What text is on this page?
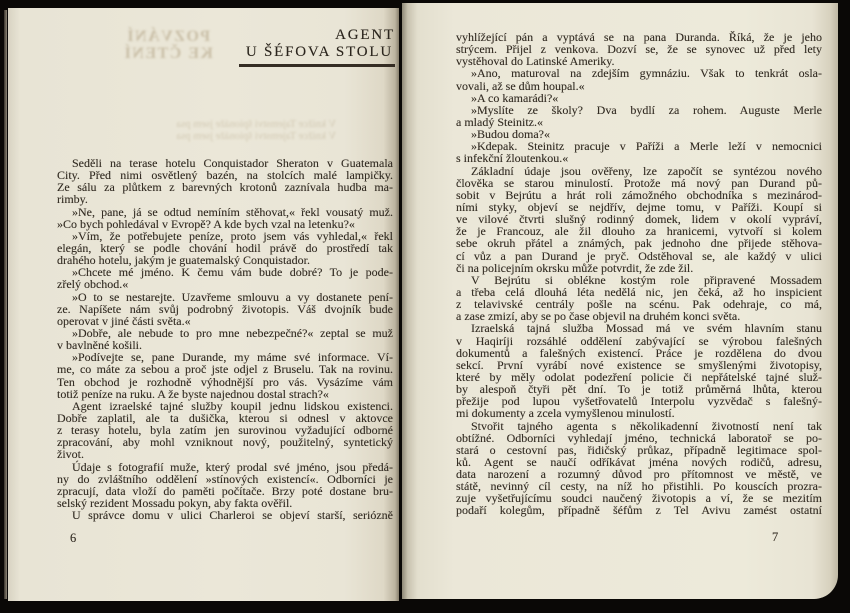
POZVÁNÍ
KE ČTENÍ
AGENT
U ŠÉFOVA STOLU
V knížce Tajemství špionáže jsem psa
V knížce Tajemství špionáže jsem psa
Seděli na terase hotelu Conquistador Sheraton v Guatemala
City. Před nimi osvětlený bazén, na stolcích malé lampičky.
Ze sálu za plůtkem z barevných krotonů zaznívala hudba ma-
rimby.
»Ne, pane, já se odtud nemíním stěhovat,« řekl vousatý muž.
»Co bych pohledával v Evropě? A kde bych vzal na letenku?«
»Vím, že potřebujete peníze, proto jsem vás vyhledal,« řekl
elegán, který se podle chování hodil právě do prostředí tak
drahého hotelu, jakým je guatemalský Conquistador.
»Chcete mé jméno. K čemu vám bude dobré? To je pode-
zřelý obchod.«
»O to se nestarejte. Uzavřeme smlouvu a vy dostanete pení-
ze. Napíšete nám svůj podrobný životopis. Váš dvojník bude
operovat v jiné části světa.«
»Dobře, ale nebude to pro mne nebezpečné?« zeptal se muž
v bavlněné košili.
»Podívejte se, pane Durande, my máme své informace. Ví-
me, co máte za sebou a proč jste odjel z Bruselu. Tak na rovinu.
Ten obchod je rozhodně výhodnější pro vás. Vysázíme vám
totiž peníze na ruku. A že byste najednou dostal strach?«
Agent izraelské tajné služby koupil jednu lidskou existenci.
Dobře zaplatil, ale ta dušička, kterou si odnesl v aktovce
z terasy hotelu, byla zatím jen surovinou vyžadující odborné
zpracování, aby mohl vzniknout nový, použitelný, syntetický
život.
Údaje s fotografií muže, který prodal své jméno, jsou předá-
ny do zvláštního oddělení »stínových existencí«. Odborníci je
zpracují, data vloží do paměti počítače. Brzy poté dostane bru-
selský rezident Mossadu pokyn, aby fakta ověřil.
U správce domu v ulici Charleroi se objeví starší, seriózně
6
vyhlížející pán a vyptává se na pana Duranda. Říká, že je jeho
strýcem. Přijel z venkova. Dozví se, že se synovec už před lety
vystěhoval do Latinské Ameriky.
»Ano, maturoval na zdejším gymnáziu. Však to tenkrát osla-
vovali, až se dům houpal.«
»A co kamarádi?«
»Myslíte ze školy? Dva bydlí za rohem. Auguste Merle
a mladý Steinitz.«
»Budou doma?«
»Kdepak. Steinitz pracuje v Paříži a Merle leží v nemocnici
s infekční žloutenkou.«
Základní údaje jsou ověřeny, lze započít se syntézou nového
člověka se starou minulostí. Protože má nový pan Durand pů-
sobit v Bejrútu a hrát roli zámožného obchodníka s mezinárod-
ními styky, objeví se nejdřív, dejme tomu, v Paříži. Koupí si
ve vilové čtvrti slušný rodinný domek, lidem v okolí vypráví,
že je Francouz, ale žil dlouho za hranicemi, vytvoří si kolem
sebe okruh přátel a známých, pak jednoho dne přijede stěhova-
cí vůz a pan Durand je pryč. Odstěhoval se, ale každý v ulici
či na policejním okrsku může potvrdit, že zde žil.
V Bejrútu si oblékne kostým role připravené Mossadem
a třeba celá dlouhá léta nedělá nic, jen čeká, až ho inspicient
z telavivské centrály pošle na scénu. Pak odehraje, co má,
a zase zmizí, aby se po čase objevil na druhém konci světa.
Izraelská tajná služba Mossad má ve svém hlavním stanu
v Haqiríji rozsáhlé oddělení zabývající se výrobou falešných
dokumentů a falešných existencí. Práce je rozdělena do dvou
sekcí. První vyrábí nové existence se smyšlenými životopisy,
které by měly odolat podezření policie či nepřátelské tajné služ-
by alespoň čtyři pět dní. To je totiž průměrná lhůta, kterou
přežije pod lupou vyšetřovatelů Interpolu vyzvědač s falešný-
mi dokumenty a zcela vymyšlenou minulostí.
Stvořit tajného agenta s několikadenní životností není tak
obtížné. Odborníci vyhledají jméno, technická laboratoř se po-
stará o cestovní pas, řidičský průkaz, případně legitimace spol-
ků. Agent se naučí odříkávat jména nových rodičů, adresu,
data narození a rozumný důvod pro přítomnost ve městě, ve
státě, nevinný cíl cesty, na níž ho přistihli. Po kouscích prozra-
zuje vyšetřujícímu soudci naučený životopis a ví, že se mezitím
podaří kolegům, případně šéfům z Tel Avivu zamést ostatní
7
